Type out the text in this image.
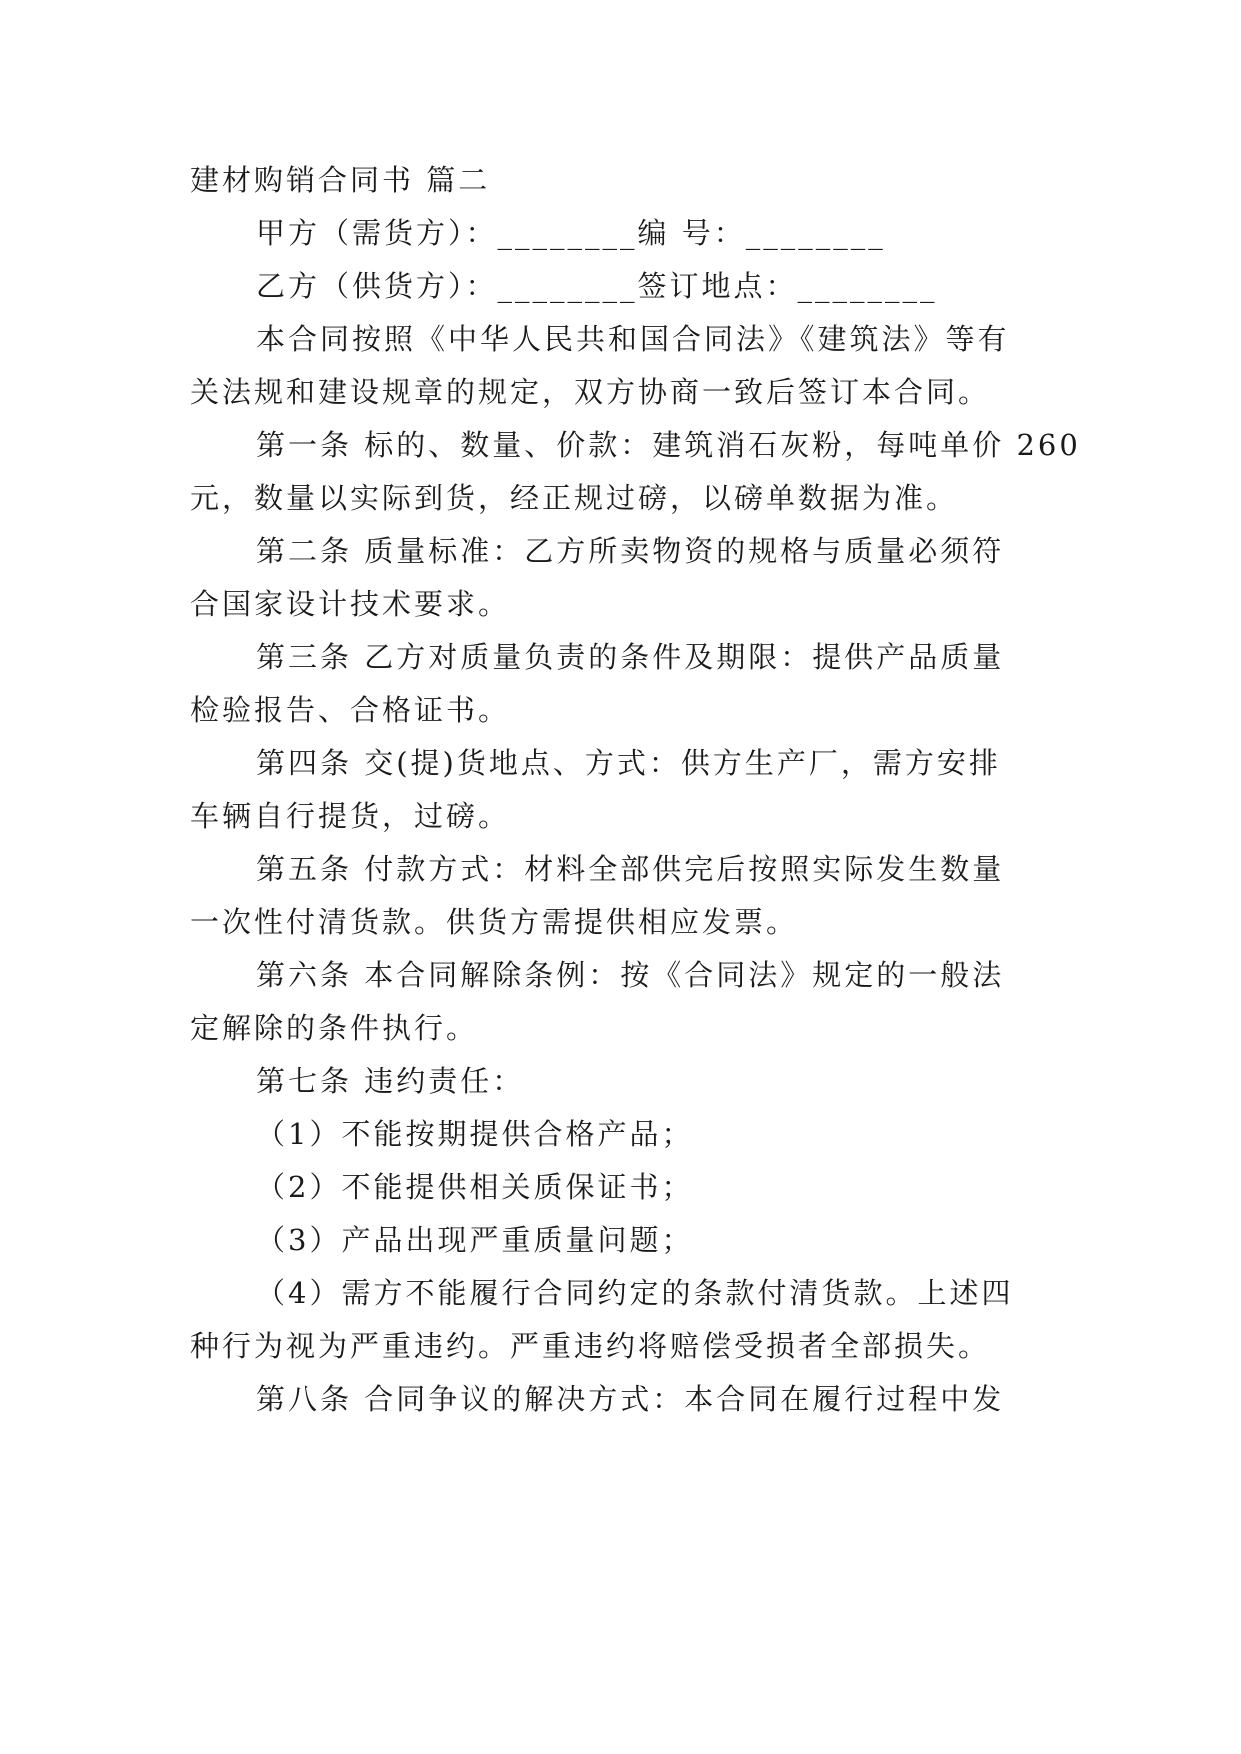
建材购销合同书 篇二
甲方（需货方）：________编 号：________
乙方（供货方）：________签订地点：________
本合同按照《中华人民共和国合同法》《建筑法》等有
关法规和建设规章的规定，双方协商一致后签订本合同。
第一条 标的、数量、价款：建筑消石灰粉，每吨单价 260
元，数量以实际到货，经正规过磅，以磅单数据为准。
第二条 质量标准：乙方所卖物资的规格与质量必须符
合国家设计技术要求。
第三条 乙方对质量负责的条件及期限：提供产品质量
检验报告、合格证书。
第四条 交(提)货地点、方式：供方生产厂，需方安排
车辆自行提货，过磅。
第五条 付款方式：材料全部供完后按照实际发生数量
一次性付清货款。供货方需提供相应发票。
第六条 本合同解除条例：按《合同法》规定的一般法
定解除的条件执行。
第七条 违约责任：
（1）不能按期提供合格产品；
（2）不能提供相关质保证书；
（3）产品出现严重质量问题；
（4）需方不能履行合同约定的条款付清货款。上述四
种行为视为严重违约。严重违约将赔偿受损者全部损失。
第八条 合同争议的解决方式：本合同在履行过程中发
